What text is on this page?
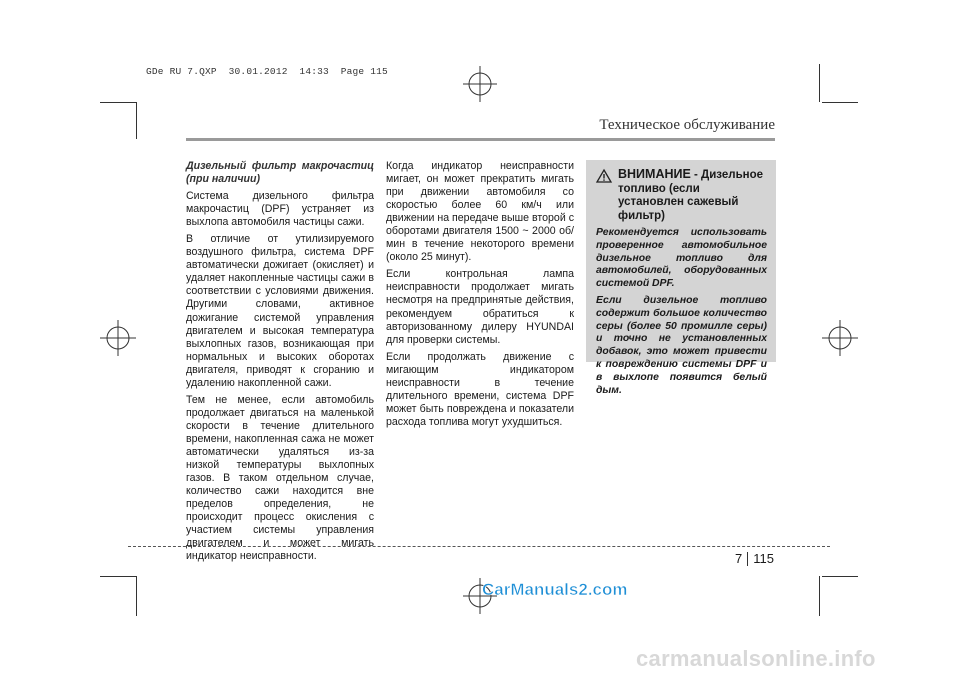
GDe RU 7.QXP  30.01.2012  14:33  Page 115
Техническое обслуживание

Дизельный фильтр макрочастиц (при наличии)

Система дизельного фильтра макрочастиц (DPF) устраняет из выхлопа автомобиля частицы сажи.

В отличие от утилизируемого воздушного фильтра, система DPF автоматически дожигает (окисляет) и удаляет накопленные частицы сажи в соответствии с условиями движения. Другими словами, активное дожигание системой управления двигателем и высокая температура выхлопных газов, возникающая при нормальных и высоких оборотах двигателя, приводят к сгоранию и удалению накопленной сажи.

Тем не менее, если автомобиль продолжает двигаться на маленькой скорости в течение длительного времени, накопленная сажа не может автоматически удаляться из-за низкой температуры выхлопных газов. В таком отдельном случае, количество сажи находится вне пределов определения, не происходит процесс окисления с участием системы управления двигателем и может мигать индикатор неисправности.

Когда индикатор неисправности мигает, он может прекратить мигать при движении автомобиля со скоростью более 60 км/ч или движении на передаче выше второй с оборотами двигателя 1500 ~ 2000 об/мин в течение некоторого времени (около 25 минут).

Если контрольная лампа неисправности продолжает мигать несмотря на предпринятые действия, рекомендуем обратиться к авторизованному дилеру HYUNDAI для проверки системы.

Если продолжать движение с мигающим индикатором неисправности в течение длительного времени, система DPF может быть повреждена и показатели расхода топлива могут ухудшиться.

ВНИМАНИЕ - Дизельное топливо (если установлен сажевый фильтр)

Рекомендуется использовать проверенное автомобильное дизельное топливо для автомобилей, оборудованных системой DPF.

Если дизельное топливо содержит большое количество серы (более 50 промилле серы) и точно не установленных добавок, это может привести к повреждению системы DPF и в выхлопе появится белый дым.

7 115
CarManuals2.com
carmanualsonline.info
